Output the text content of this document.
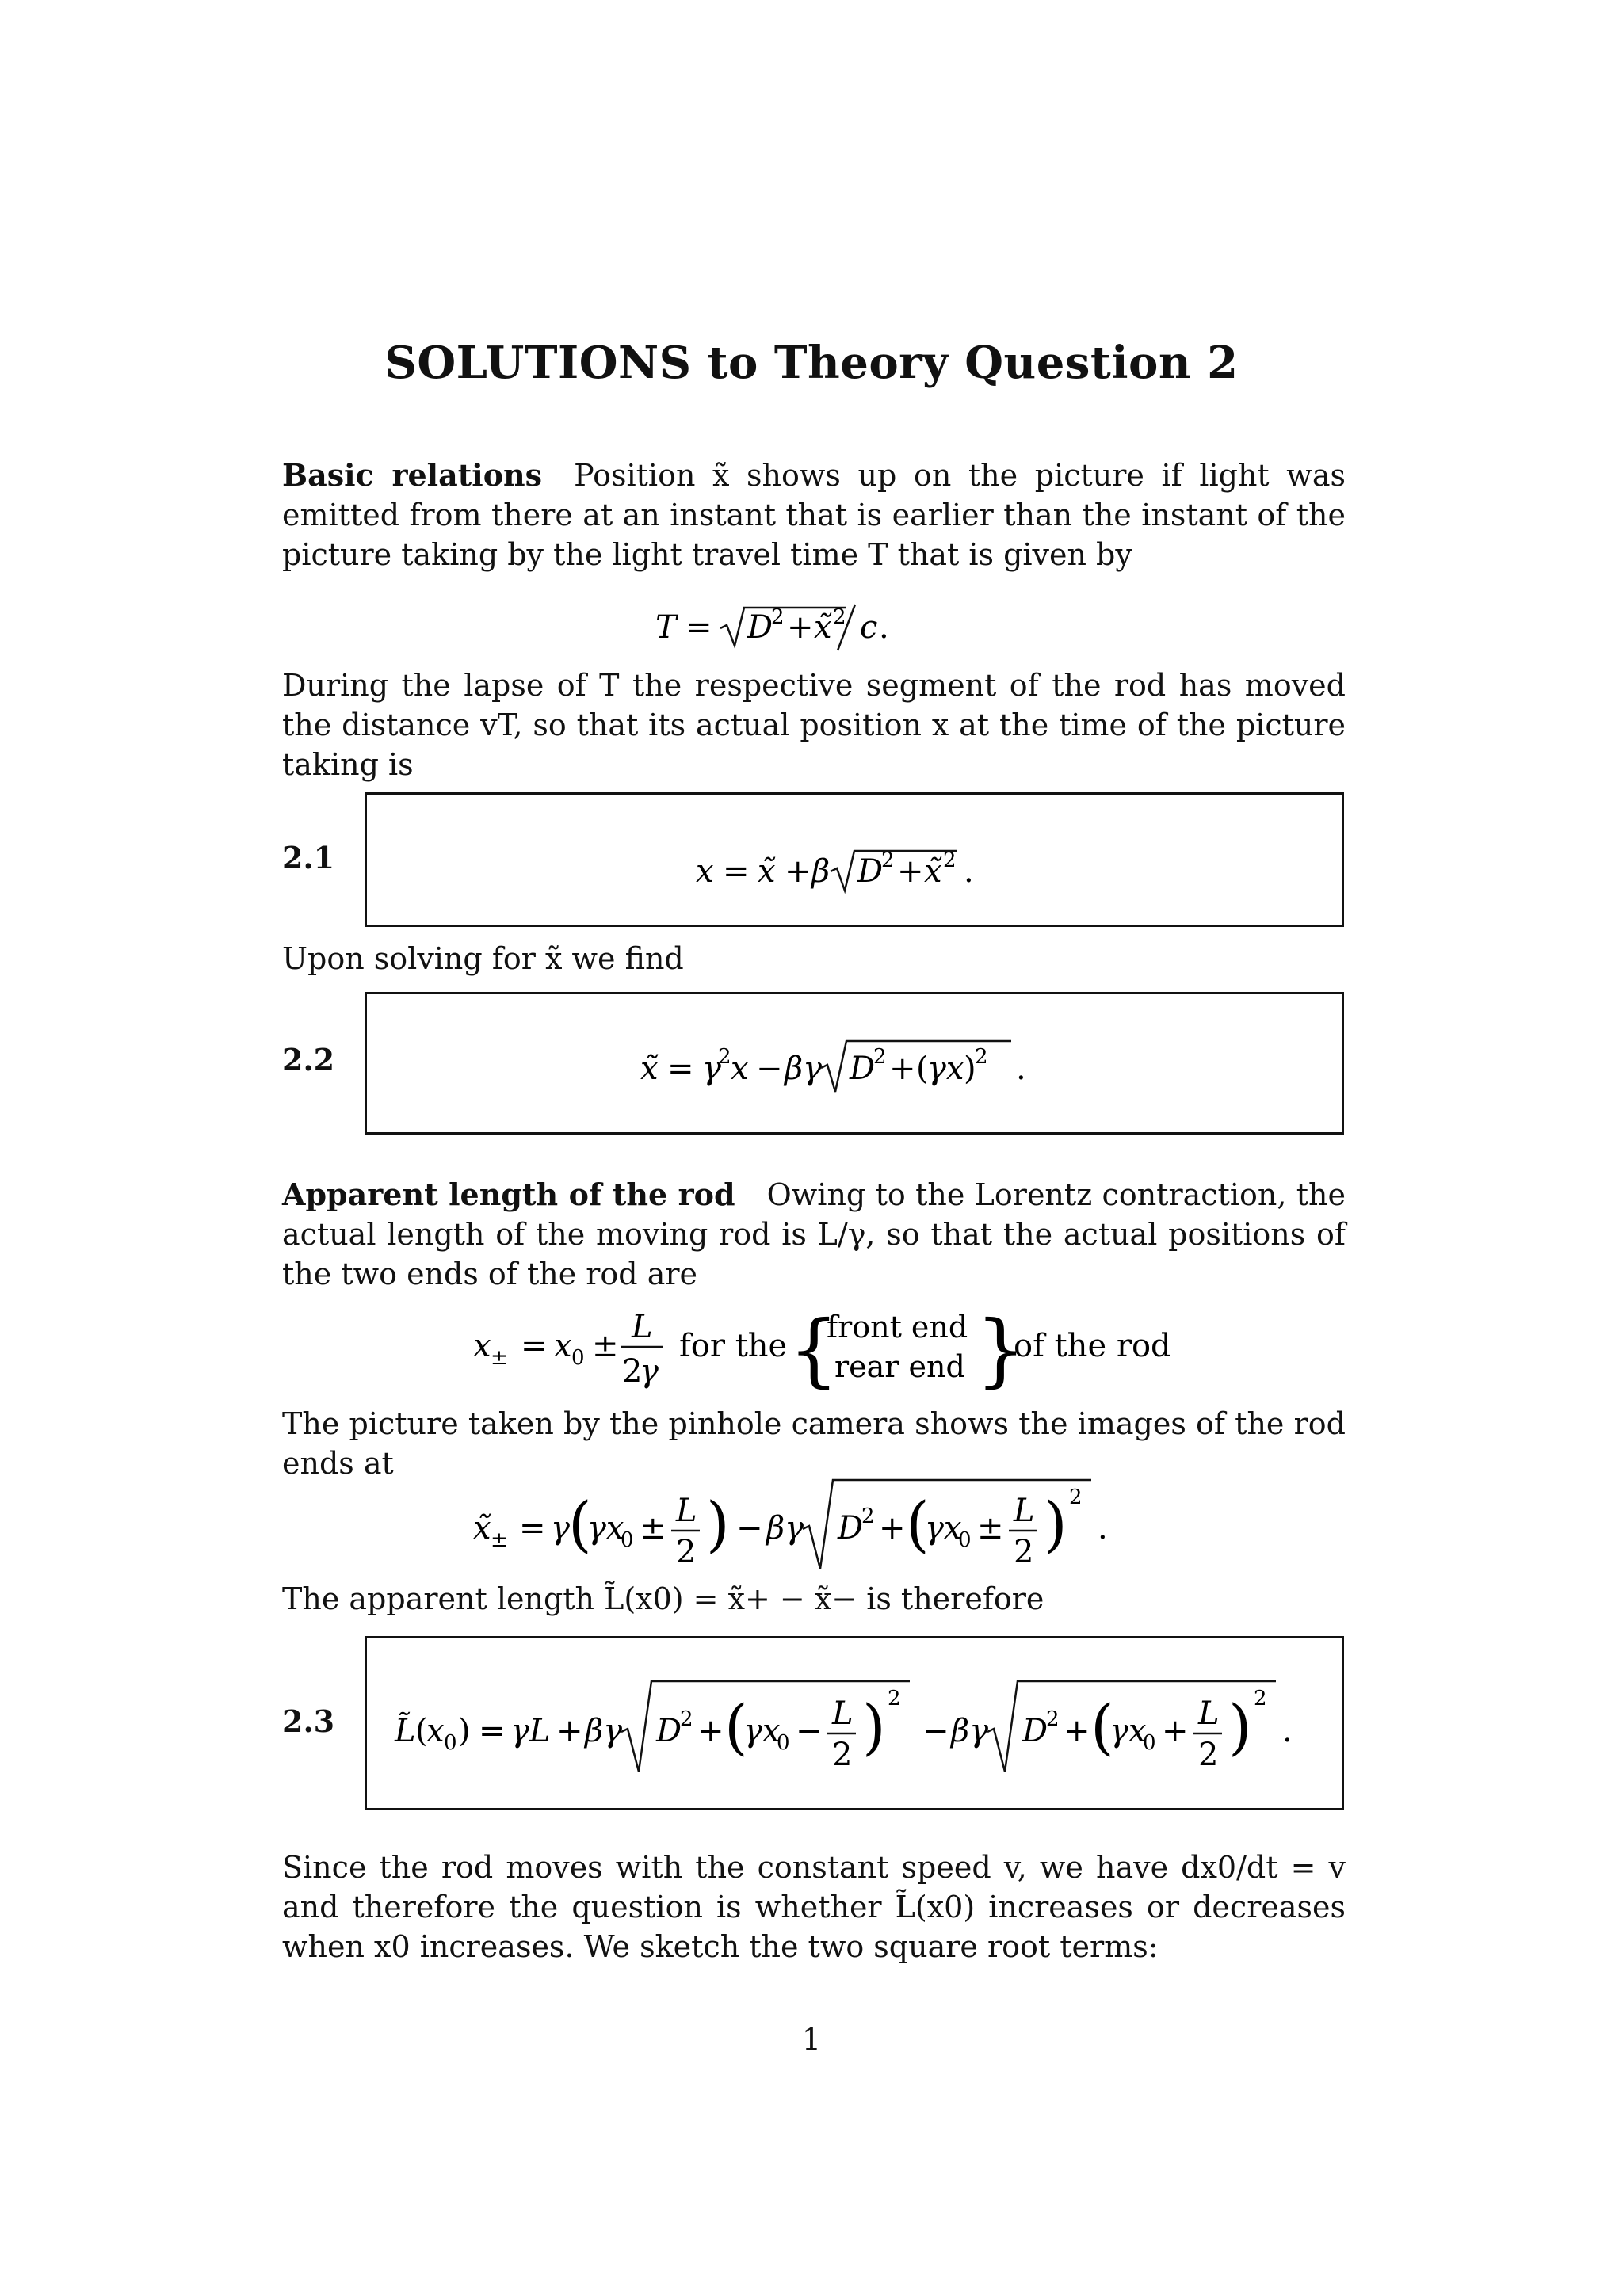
SOLUTIONS to Theory Question 2
Basic relations Position x̃ shows up on the picture if light was emitted from there at an instant that is earlier than the instant of the picture taking by the light travel time T that is given by
T = D
2 + x̃ 2 c .
During the lapse of T the respective segment of the rod has moved the distance vT, so that its actual position x at the time of the picture taking is
2.1	x = x̃ + β D
2 + x̃ 2 .
Upon solving for x̃ we find
2.2	x̃ = γ
2 x − βγ D
2 + (
γx )
2 .
Apparent length of the rod Owing to the Lorentz contraction, the actual length of the moving rod is L/γ, so that the actual positions of the two ends of the rod are
x ± = x 0 ±
L
2
γ
for the {
front end
rear end }
of the rod.
The picture taken by the pinhole camera shows the images of the rod ends at
x̃ ± = γ
(
γx
0 ± L
2 ) − βγ D
2 + (
γx
0 ± L
2 ) 2
.
The apparent length L̃(x0) = x̃+ − x̃− is therefore
2.3 L̃ (
x 0 ) = γL + βγ D
2 + (
γx
0 − L
2 ) 2
− βγ D
2 + (
γx
0 + L
2 ) 2
.
Since the rod moves with the constant speed v, we have dx0/dt = v and therefore the question is whether L̃(x0) increases or decreases when x0 increases. We sketch the two square root terms:
1
